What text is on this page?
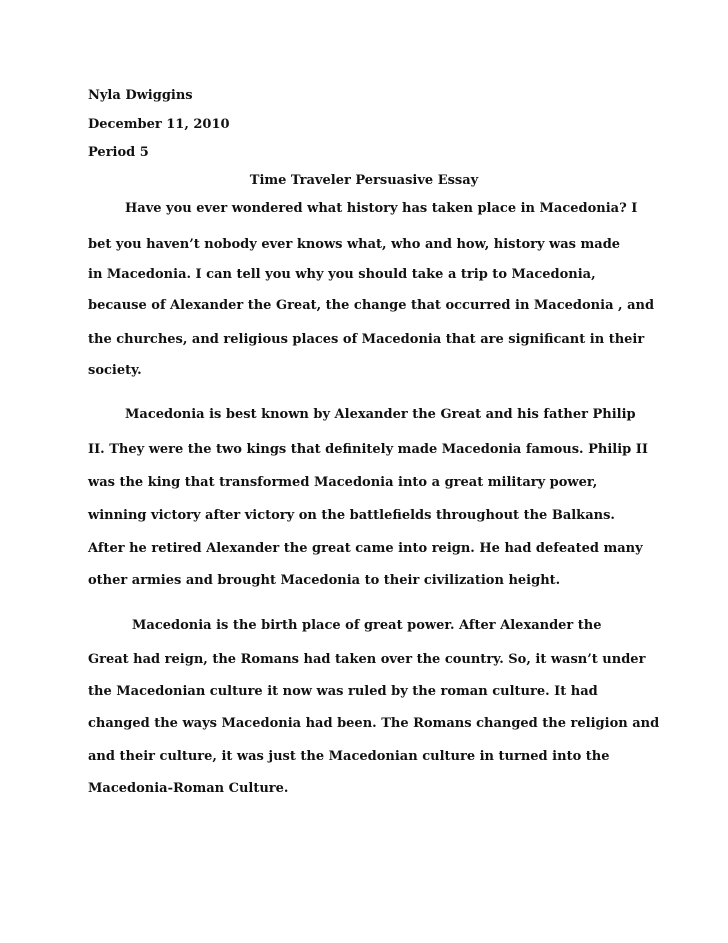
Nyla Dwiggins
December 11, 2010
Period 5
Time Traveler Persuasive Essay
Have you ever wondered what history has taken place in Macedonia? I
bet you haven’t nobody ever knows what, who and how, history was made
in Macedonia. I can tell you why you should take a trip to Macedonia,
because of Alexander the Great, the change that occurred in Macedonia , and
the churches, and religious places of Macedonia that are significant in their
society.
Macedonia is best known by Alexander the Great and his father Philip
II. They were the two kings that definitely made Macedonia famous. Philip II
was the king that transformed Macedonia into a great military power,
winning victory after victory on the battlefields throughout the Balkans.
After he retired Alexander the great came into reign. He had defeated many
other armies and brought Macedonia to their civilization height.
Macedonia is the birth place of great power. After Alexander the
Great had reign, the Romans had taken over the country. So, it wasn’t under
the Macedonian culture it now was ruled by the roman culture. It had
changed the ways Macedonia had been. The Romans changed the religion and
and their culture, it was just the Macedonian culture in turned into the
Macedonia-Roman Culture.
